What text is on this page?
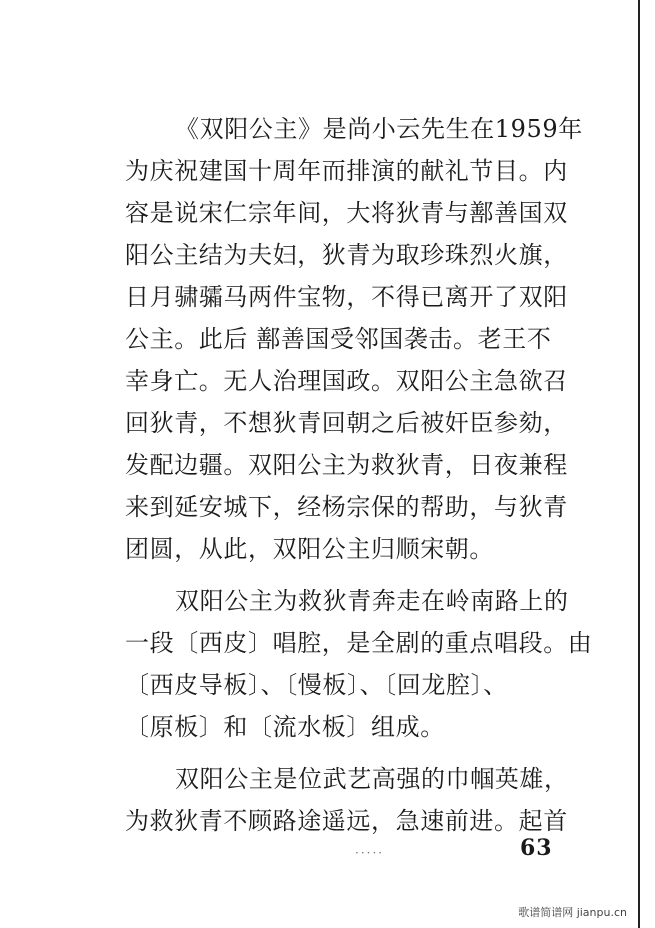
《双阳公主》是尚小云先生在1959年
为庆祝建国十周年而排演的献礼节目。内
容是说宋仁宗年间，大将狄青与鄯善国双
阳公主结为夫妇，狄青为取珍珠烈火旗，
日月骕骦马两件宝物，不得已离开了双阳
公主。此后 鄯善国受邻国袭击。老王不
幸身亡。无人治理国政。双阳公主急欲召
回狄青，不想狄青回朝之后被奸臣参劾，
发配边疆。双阳公主为救狄青，日夜兼程
来到延安城下，经杨宗保的帮助，与狄青
团圆，从此，双阳公主归顺宋朝。

双阳公主为救狄青奔走在岭南路上的
一段〔西皮〕唱腔，是全剧的重点唱段。由
〔西皮导板〕、〔慢板〕、〔回龙腔〕、
〔原板〕和〔流水板〕组成。

双阳公主是位武艺高强的巾帼英雄，
为救狄青不顾路途遥远，急速前进。起首

·····	63
歌谱简谱网 jianpu.cn
